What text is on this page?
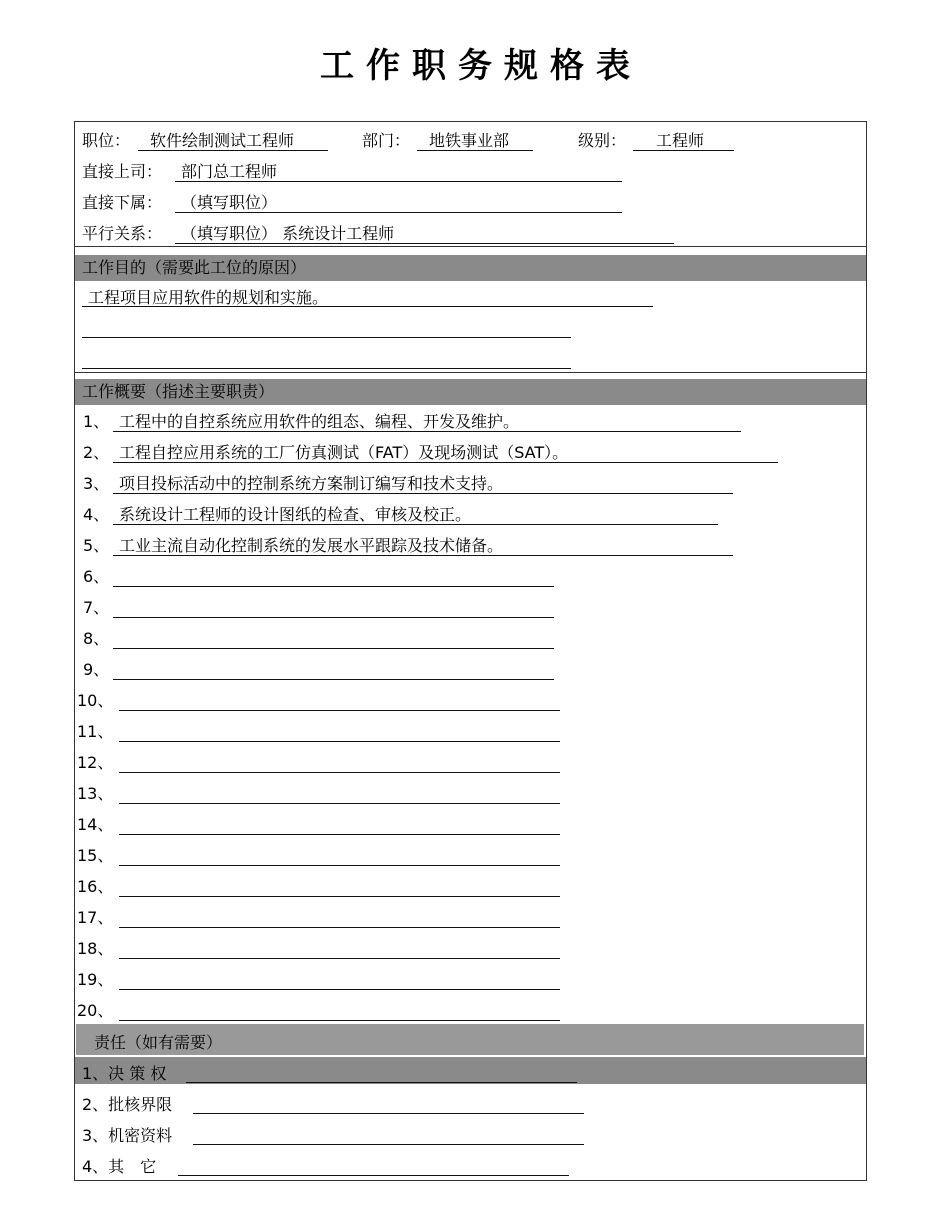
工作职务规格表
职位： 软件绘制测试工程师	部门： 地铁事业部	级别： 工程师
直接上司： 部门总工程师
直接下属： （填写职位）
平行关系： （填写职位） 系统设计工程师
工作目的（需要此工位的原因）
工程项目应用软件的规划和实施。
工作概要（指述主要职责）
1、 工程中的自控系统应用软件的组态、编程、开发及维护。
2、 工程自控应用系统的工厂仿真测试（FAT）及现场测试（SAT）。
3、 项目投标活动中的控制系统方案制订编写和技术支持。
4、 系统设计工程师的设计图纸的检查、审核及校正。
5、 工业主流自动化控制系统的发展水平跟踪及技术储备。
6、
7、
8、
9、
10、
11、
12、
13、
14、
15、
16、
17、
18、
19、
20、
责任（如有需要）
1、决 策 权
2、批核界限
3、机密资料
4、其　它
